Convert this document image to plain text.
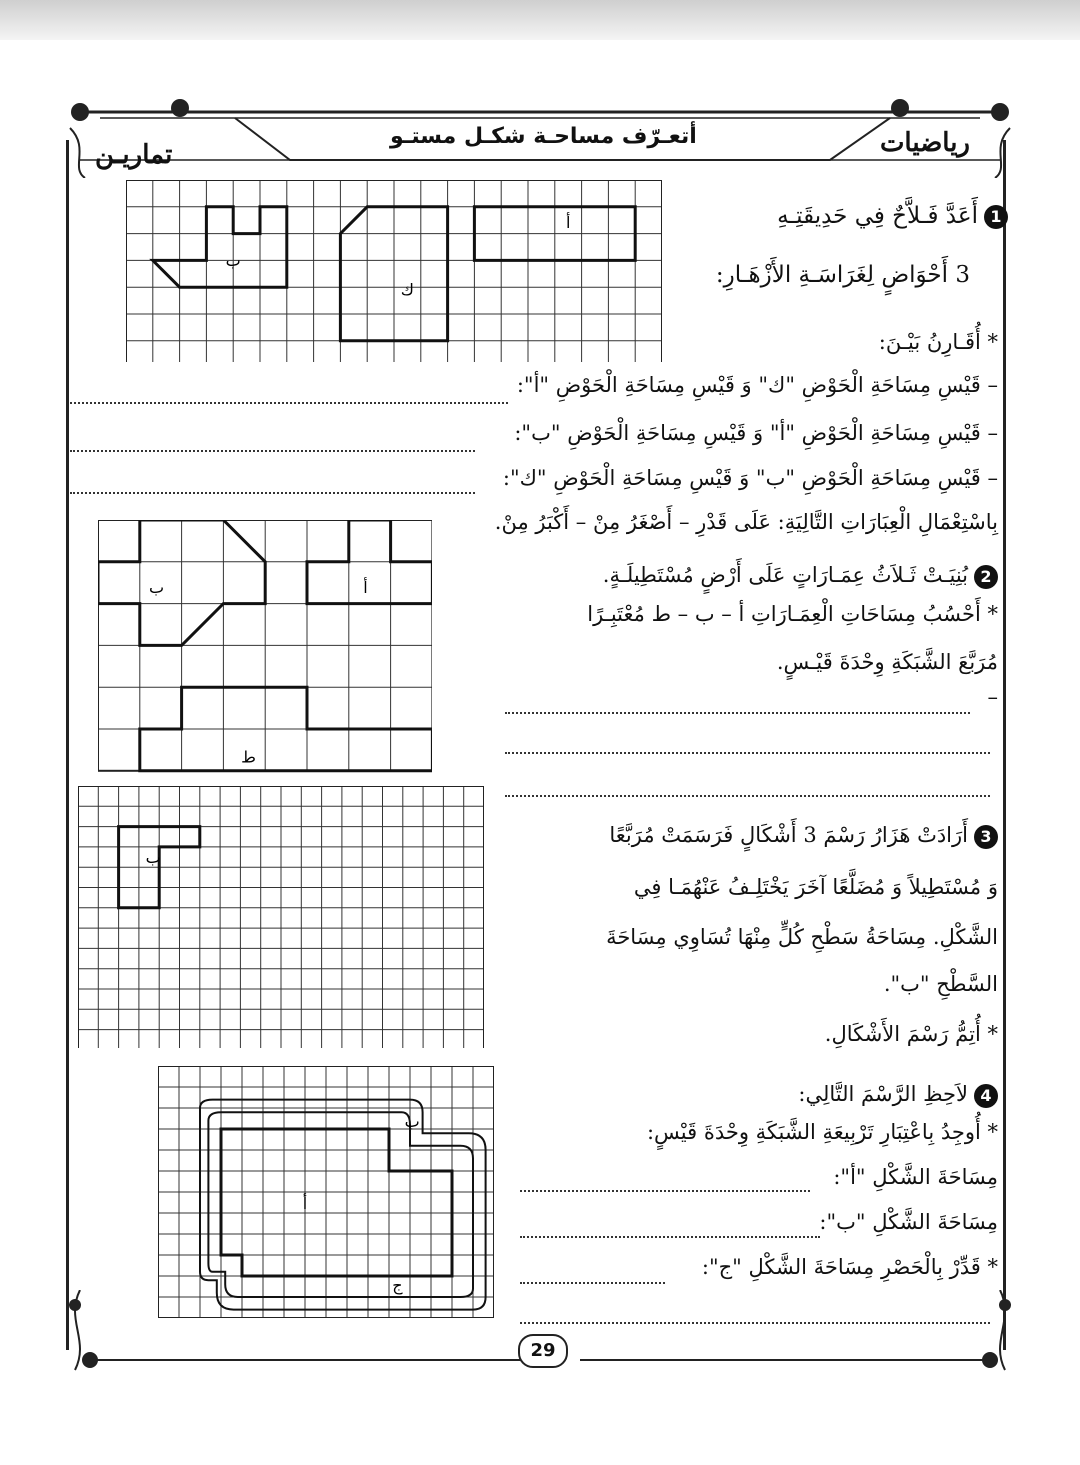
رياضيات
أتعـرّف مساحـة شكـل مستـو
تماريـن
أ
ك
ب
1أَعَدَّ فَـلاَّحٌ فِي حَدِيقَتِـهِ
3 أَحْوَاضٍ لِغَرَاسَـةِ الأَزْهَـارِ:
* أُقَـارِنُ بَيْـنَ:
– قَيْسِ مِسَاحَةِ الْحَوْضِ "ك" وَ قَيْسِ مِسَاحَةِ الْحَوْضِ "أ":
– قَيْسِ مِسَاحَةِ الْحَوْضِ "أ" وَ قَيْسِ مِسَاحَةِ الْحَوْضِ "ب":
– قَيْسِ مِسَاحَةِ الْحَوْضِ "ب" وَ قَيْسِ مِسَاحَةِ الْحَوْضِ "ك":
بِاسْتِعْمَالِ الْعِبَارَاتِ التَّالِيَةِ: عَلَى قَدْرِ – أَصْغَرُ مِنْ – أَكْبَرُ مِنْ.
أ
ب
ط
2بُنِيَـتْ ثَـلاَثُ عِمَـارَاتٍ عَلَى أَرْضٍ مُسْتَطِيلَـةٍ.
* أَحْسُبُ مِسَاحَاتِ الْعِمَـارَاتِ أ – ب – ط مُعْتَبِـرًا
مُرَبَّعَ الشَّبَكَةِ وِحْدَةَ قَيْـسٍ.
–
ب
3أَرَادَتْ هَزَارُ رَسْمَ 3 أَشْكَالٍ فَرَسَمَتْ مُرَبَّعًا
وَ مُسْتَطِيلاً وَ مُضَلَّعًا آخَرَ يَخْتَلِـفُ عَنْهُمَـا فِي
الشَّكْلِ. مِسَاحَةُ سَطْحِ كُلٍّ مِنْهَا تُسَاوِي مِسَاحَةَ
السَّطْحِ "ب".
* أُتِمُّ رَسْمَ الأَشْكَالِ.
ب
أ
ج
4لاَحِظِ الرَّسْمَ التَّالِي:
* أُوجِدُ بِاعْتِبَارِ تَرْبِيعَةِ الشَّبَكَةِ وِحْدَةَ قَيْسٍ:
مِسَاحَةَ الشَّكْلِ "أ":
مِسَاحَةَ الشَّكْلِ "ب":
* قَدِّرْ بِالْحَصْرِ مِسَاحَةَ الشَّكْلِ "ج":
29
